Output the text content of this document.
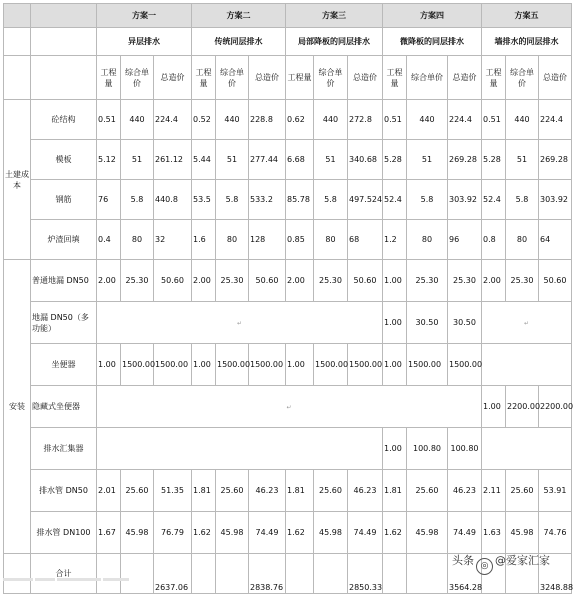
		方案一			方案二			方案三			方案四			方案五		
		异层排水			传统同层排水			局部降板的同层排水			微降板的同层排水			墙排水的同层排水		
		工程量	综合单价	总造价	工程量	综合单价	总造价	工程量	综合单价	总造价	工程量	综合单价	总造价	工程量	综合单价	总造价
土建成本	砼结构	0.51	440	224.4	0.52	440	228.8	0.62	440	272.8	0.51	440	224.4	0.51	440	224.4
	模板	5.12	51	261.12	5.44	51	277.44	6.68	51	340.68	5.28	51	269.28	5.28	51	269.28
	钢筋	76	5.8	440.8	53.5	5.8	533.2	85.78	5.8	497.524	52.4	5.8	303.92	52.4	5.8	303.92
	炉渣回填	0.4	80	32	1.6	80	128	0.85	80	68	1.2	80	96	0.8	80	64
安装	普通地漏 DN50	2.00	25.30	50.60	2.00	25.30	50.60	2.00	25.30	50.60	1.00	25.30	25.30	2.00	25.30	50.60
	地漏 DN50（多功能）	↵									1.00	30.50	30.50	↵		
	坐便器	1.00	1500.00	1500.00	1.00	1500.00	1500.00	1.00	1500.00	1500.00	1.00	1500.00	1500.00			
	隐藏式坐便器	↵												1.00	2200.00	2200.00
	排水汇集器										1.00	100.80	100.80			
	排水管 DN50	2.01	25.60	51.35	1.81	25.60	46.23	1.81	25.60	46.23	1.81	25.60	46.23	2.11	25.60	53.91
	排水管 DN100	1.67	45.98	76.79	1.62	45.98	74.49	1.62	45.98	74.49	1.62	45.98	74.49	1.63	45.98	74.76
	合计			2637.06			2838.76			2850.33			3564.28			3248.88
头条 ◎ @爱家汇家
